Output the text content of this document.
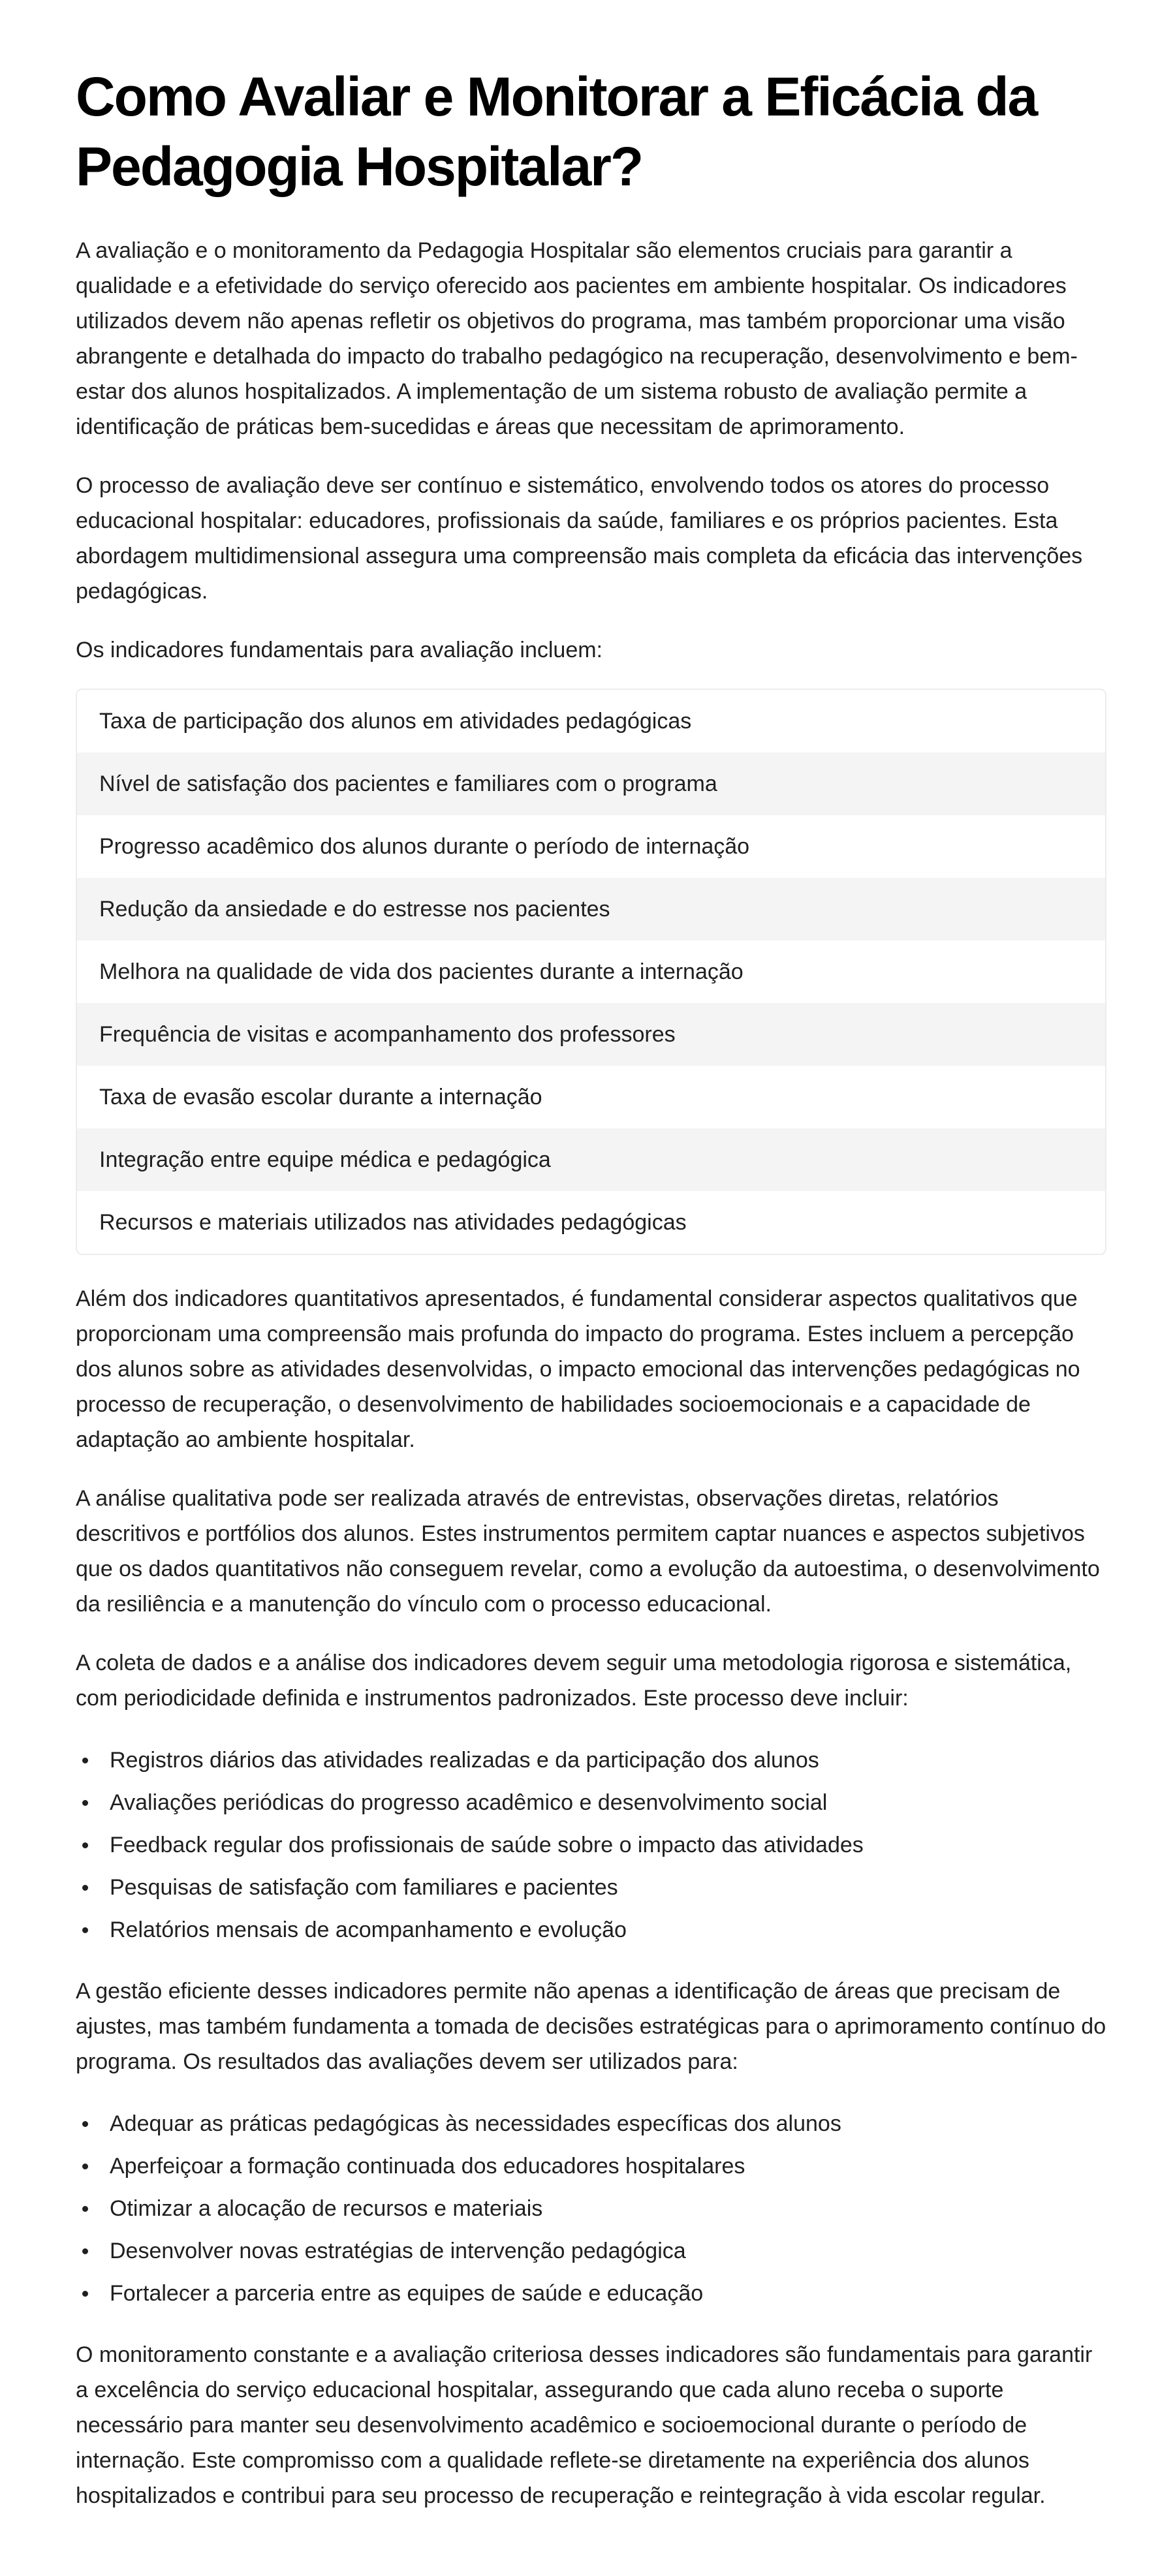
Como Avaliar e Monitorar a Eficácia da Pedagogia Hospitalar?

A avaliação e o monitoramento da Pedagogia Hospitalar são elementos cruciais para garantir a qualidade e a efetividade do serviço oferecido aos pacientes em ambiente hospitalar. Os indicadores utilizados devem não apenas refletir os objetivos do programa, mas também proporcionar uma visão abrangente e detalhada do impacto do trabalho pedagógico na recuperação, desenvolvimento e bem-estar dos alunos hospitalizados. A implementação de um sistema robusto de avaliação permite a identificação de práticas bem-sucedidas e áreas que necessitam de aprimoramento.

O processo de avaliação deve ser contínuo e sistemático, envolvendo todos os atores do processo educacional hospitalar: educadores, profissionais da saúde, familiares e os próprios pacientes. Esta abordagem multidimensional assegura uma compreensão mais completa da eficácia das intervenções pedagógicas.

Os indicadores fundamentais para avaliação incluem:

Taxa de participação dos alunos em atividades pedagógicas
Nível de satisfação dos pacientes e familiares com o programa
Progresso acadêmico dos alunos durante o período de internação
Redução da ansiedade e do estresse nos pacientes
Melhora na qualidade de vida dos pacientes durante a internação
Frequência de visitas e acompanhamento dos professores
Taxa de evasão escolar durante a internação
Integração entre equipe médica e pedagógica
Recursos e materiais utilizados nas atividades pedagógicas

Além dos indicadores quantitativos apresentados, é fundamental considerar aspectos qualitativos que proporcionam uma compreensão mais profunda do impacto do programa. Estes incluem a percepção dos alunos sobre as atividades desenvolvidas, o impacto emocional das intervenções pedagógicas no processo de recuperação, o desenvolvimento de habilidades socioemocionais e a capacidade de adaptação ao ambiente hospitalar.

A análise qualitativa pode ser realizada através de entrevistas, observações diretas, relatórios descritivos e portfólios dos alunos. Estes instrumentos permitem captar nuances e aspectos subjetivos que os dados quantitativos não conseguem revelar, como a evolução da autoestima, o desenvolvimento da resiliência e a manutenção do vínculo com o processo educacional.

A coleta de dados e a análise dos indicadores devem seguir uma metodologia rigorosa e sistemática, com periodicidade definida e instrumentos padronizados. Este processo deve incluir:

Registros diários das atividades realizadas e da participação dos alunos
Avaliações periódicas do progresso acadêmico e desenvolvimento social
Feedback regular dos profissionais de saúde sobre o impacto das atividades
Pesquisas de satisfação com familiares e pacientes
Relatórios mensais de acompanhamento e evolução

A gestão eficiente desses indicadores permite não apenas a identificação de áreas que precisam de ajustes, mas também fundamenta a tomada de decisões estratégicas para o aprimoramento contínuo do programa. Os resultados das avaliações devem ser utilizados para:

Adequar as práticas pedagógicas às necessidades específicas dos alunos
Aperfeiçoar a formação continuada dos educadores hospitalares
Otimizar a alocação de recursos e materiais
Desenvolver novas estratégias de intervenção pedagógica
Fortalecer a parceria entre as equipes de saúde e educação

O monitoramento constante e a avaliação criteriosa desses indicadores são fundamentais para garantir a excelência do serviço educacional hospitalar, assegurando que cada aluno receba o suporte necessário para manter seu desenvolvimento acadêmico e socioemocional durante o período de internação. Este compromisso com a qualidade reflete-se diretamente na experiência dos alunos hospitalizados e contribui para seu processo de recuperação e reintegração à vida escolar regular.
